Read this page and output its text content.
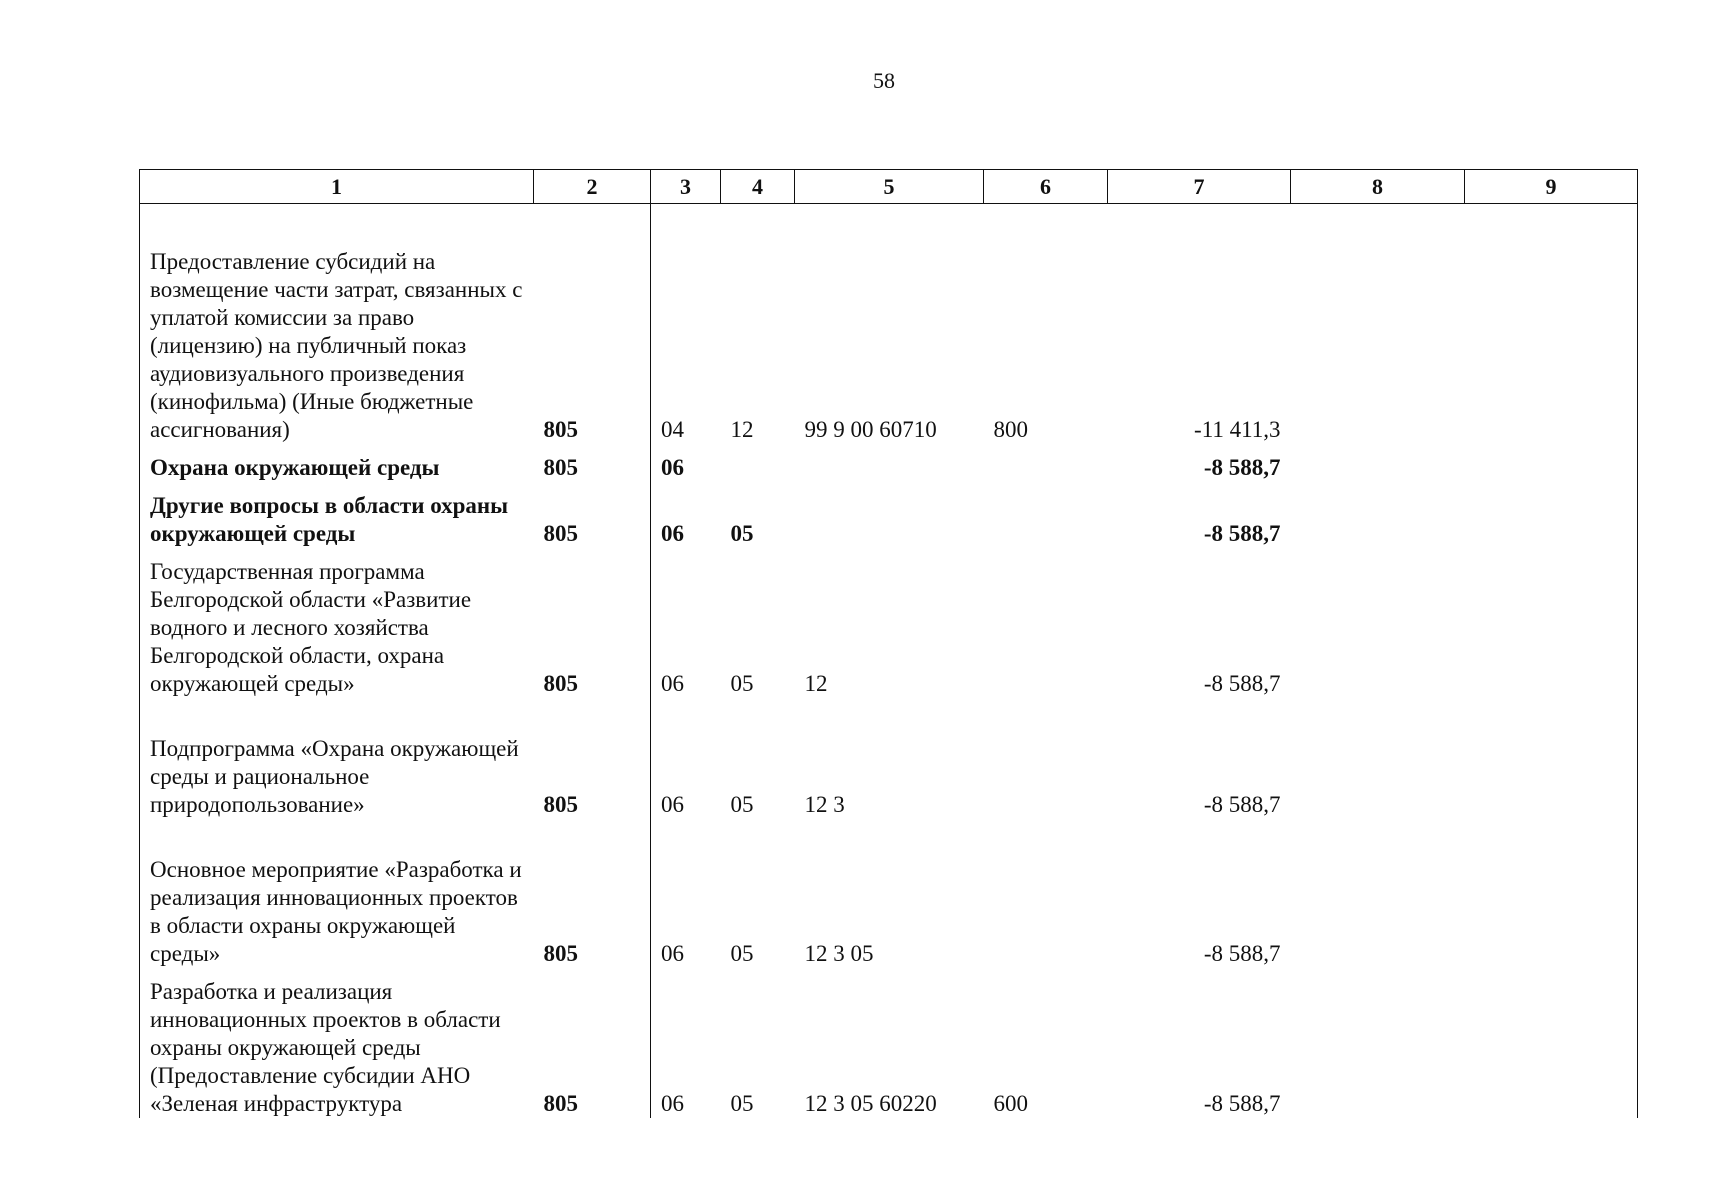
58
1	2	3	4	5	6	7	8	9
Предоставление субсидий на возмещение части затрат, связанных с уплатой комиссии за право (лицензию) на публичный показ аудиовизуального произведения (кинофильма) (Иные бюджетные ассигнования)	805	04	12	99 9 00 60710	800	-11 411,3		
Охрана окружающей среды	805	06				-8 588,7		
Другие вопросы в области охраны окружающей среды	805	06	05			-8 588,7		
Государственная программа Белгородской области «Развитие водного и лесного хозяйства Белгородской области, охрана окружающей среды»	805	06	05	12		-8 588,7		
Подпрограмма «Охрана окружающей среды и рациональное природопользование»	805	06	05	12 3		-8 588,7		
Основное мероприятие «Разработка и реализация инновационных проектов в области охраны окружающей среды»	805	06	05	12 3 05		-8 588,7		
Разработка и реализация инновационных проектов в области охраны окружающей среды (Предоставление субсидии АНО «Зеленая инфраструктура	805	06	05	12 3 05 60220	600	-8 588,7		
